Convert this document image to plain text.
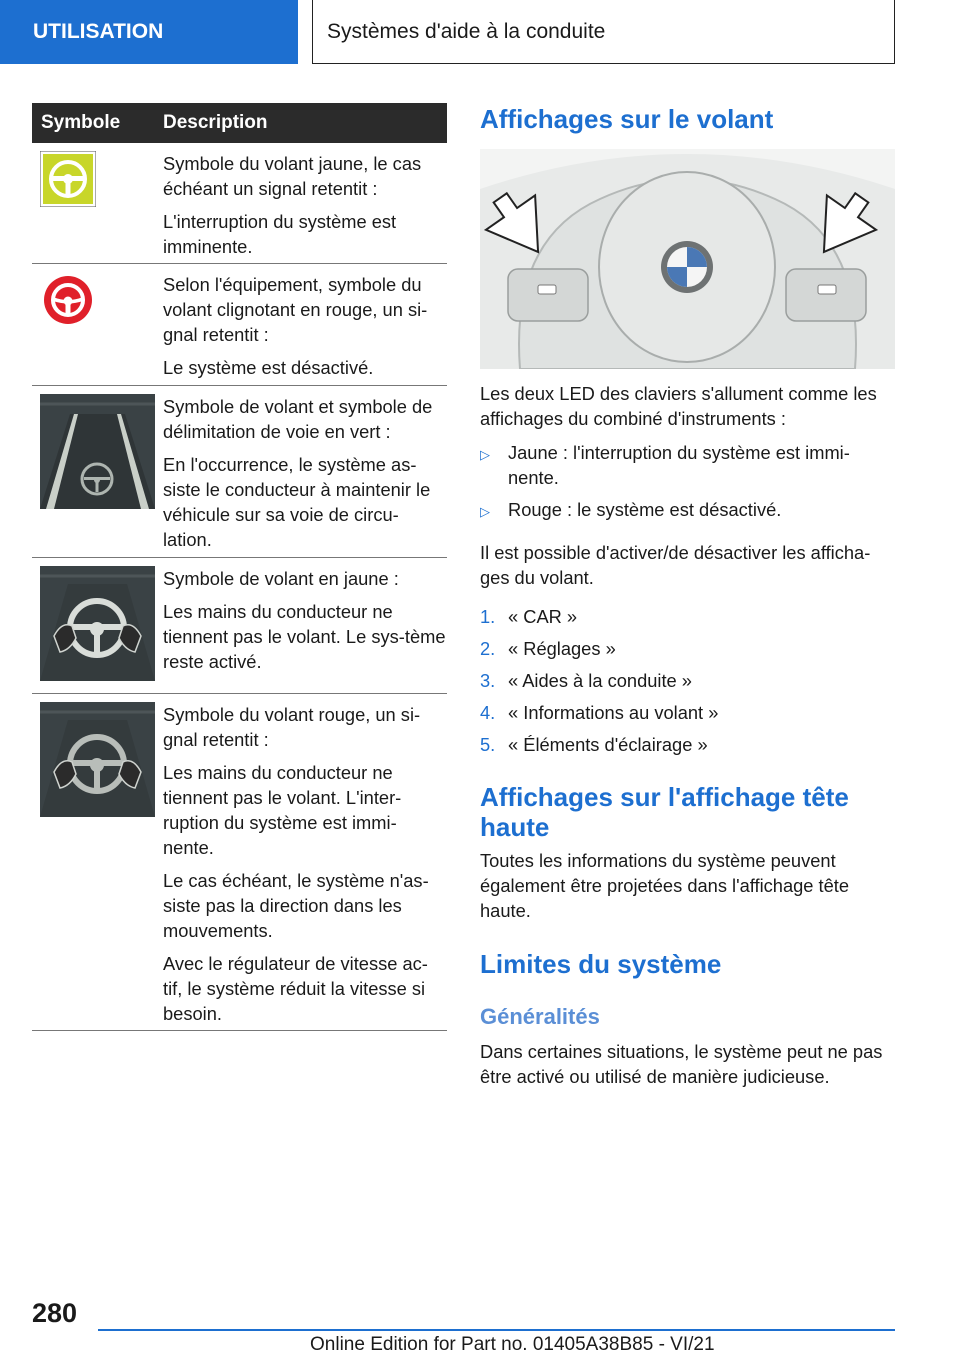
UTILISATION	Systèmes d'aide à la conduite
Symbole	Description

Symbole du volant jaune, le cas échéant un signal retentit :

L'interruption du système est imminente.

Selon l'équipement, symbole du volant clignotant en rouge, un si-gnal retentit :

Le système est désactivé.

Symbole de volant et symbole de délimitation de voie en vert :

En l'occurrence, le système as-siste le conducteur à maintenir le véhicule sur sa voie de circu-lation.

Symbole de volant en jaune :

Les mains du conducteur ne tiennent pas le volant. Le sys-tème reste activé.

Symbole du volant rouge, un si-gnal retentit :

Les mains du conducteur ne tiennent pas le volant. L'inter-ruption du système est immi-nente.

Le cas échéant, le système n'as-siste pas la direction dans les mouvements.

Avec le régulateur de vitesse ac-tif, le système réduit la vitesse si besoin.

Affichages sur le volant

Les deux LED des claviers s'allument comme les affichages du combiné d'instruments :

▷ Jaune : l'interruption du système est immi-nente.
▷ Rouge : le système est désactivé.

Il est possible d'activer/de désactiver les afficha-ges du volant.

1. « CAR »
2. « Réglages »
3. « Aides à la conduite »
4. « Informations au volant »
5. « Éléments d'éclairage »
Affichages sur l'affichage tête haute

Toutes les informations du système peuvent également être projetées dans l'affichage tête haute.

Limites du système
Généralités

Dans certaines situations, le système peut ne pas être activé ou utilisé de manière judicieuse.

280
Online Edition for Part no. 01405A38B85 - VI/21
